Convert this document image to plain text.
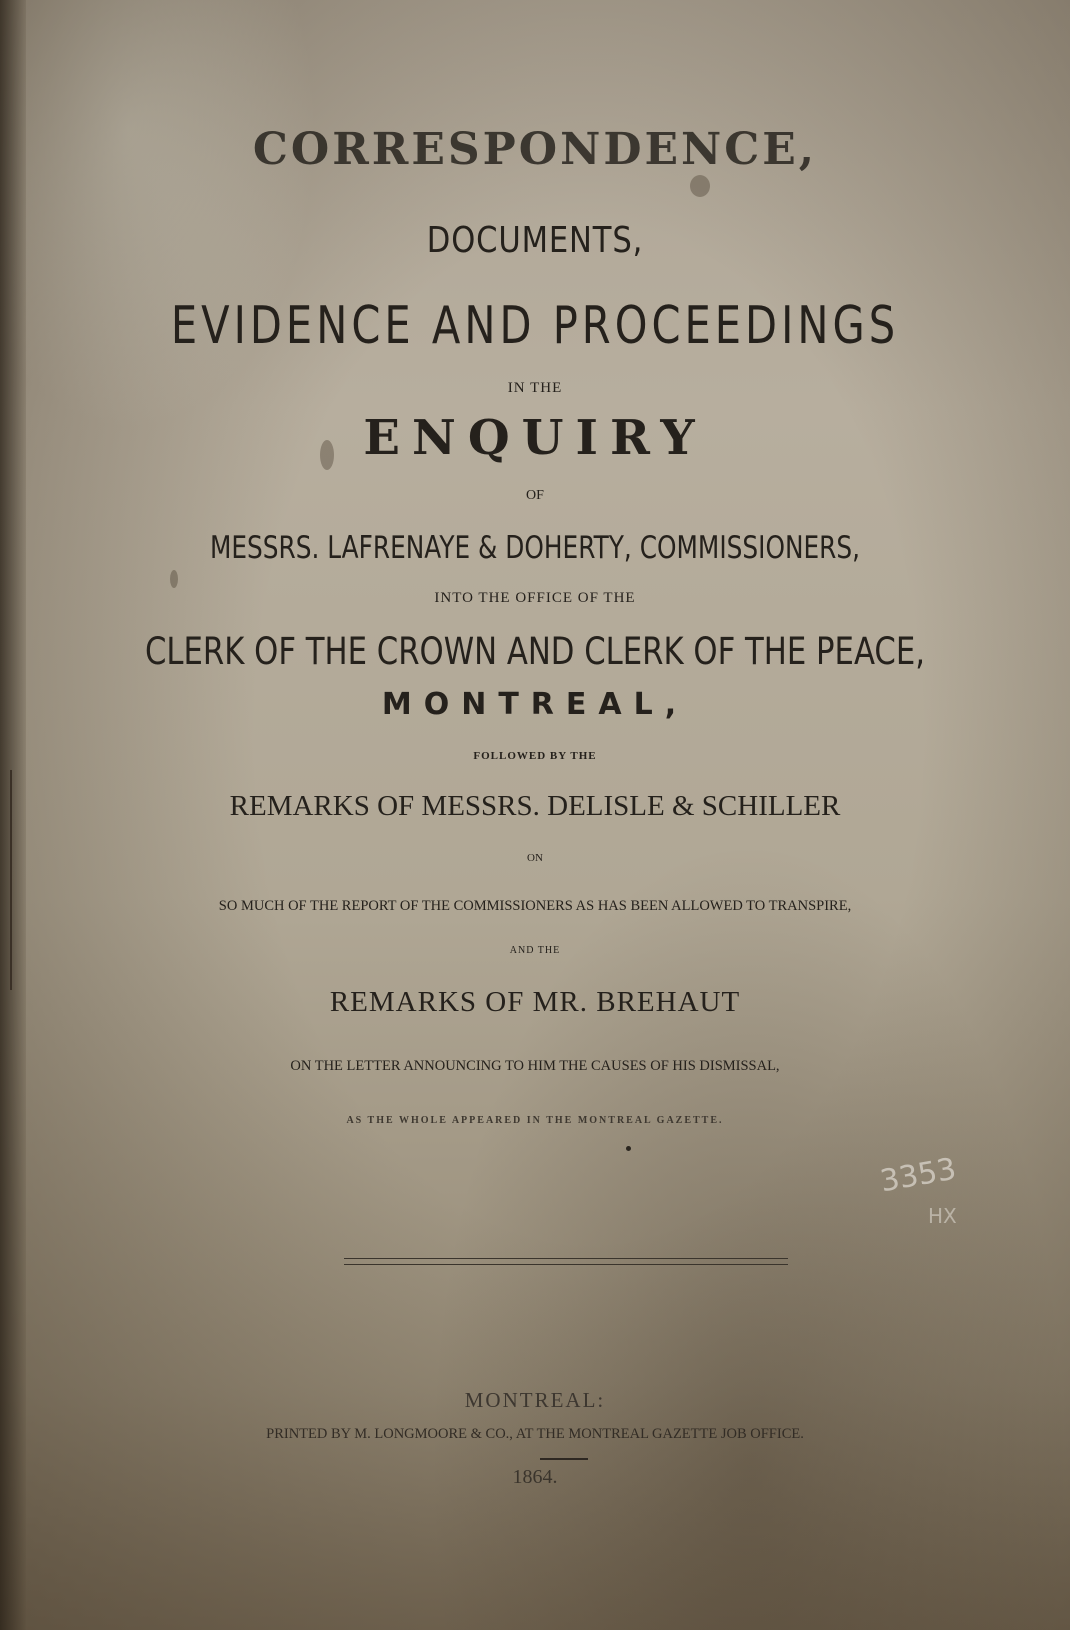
CORRESPONDENCE,
DOCUMENTS,
EVIDENCE AND PROCEEDINGS
IN THE
ENQUIRY
OF
MESSRS. LAFRENAYE & DOHERTY, COMMISSIONERS,
INTO THE OFFICE OF THE
CLERK OF THE CROWN AND CLERK OF THE PEACE,
MONTREAL,
FOLLOWED BY THE
REMARKS OF MESSRS. DELISLE & SCHILLER
ON
SO MUCH OF THE REPORT OF THE COMMISSIONERS AS HAS BEEN ALLOWED TO TRANSPIRE,
AND THE
REMARKS OF MR. BREHAUT
ON THE LETTER ANNOUNCING TO HIM THE CAUSES OF HIS DISMISSAL,
AS THE WHOLE APPEARED IN THE MONTREAL GAZETTE.
3353
HX
MONTREAL:
PRINTED BY M. LONGMOORE & CO., AT THE MONTREAL GAZETTE JOB OFFICE.
1864.
